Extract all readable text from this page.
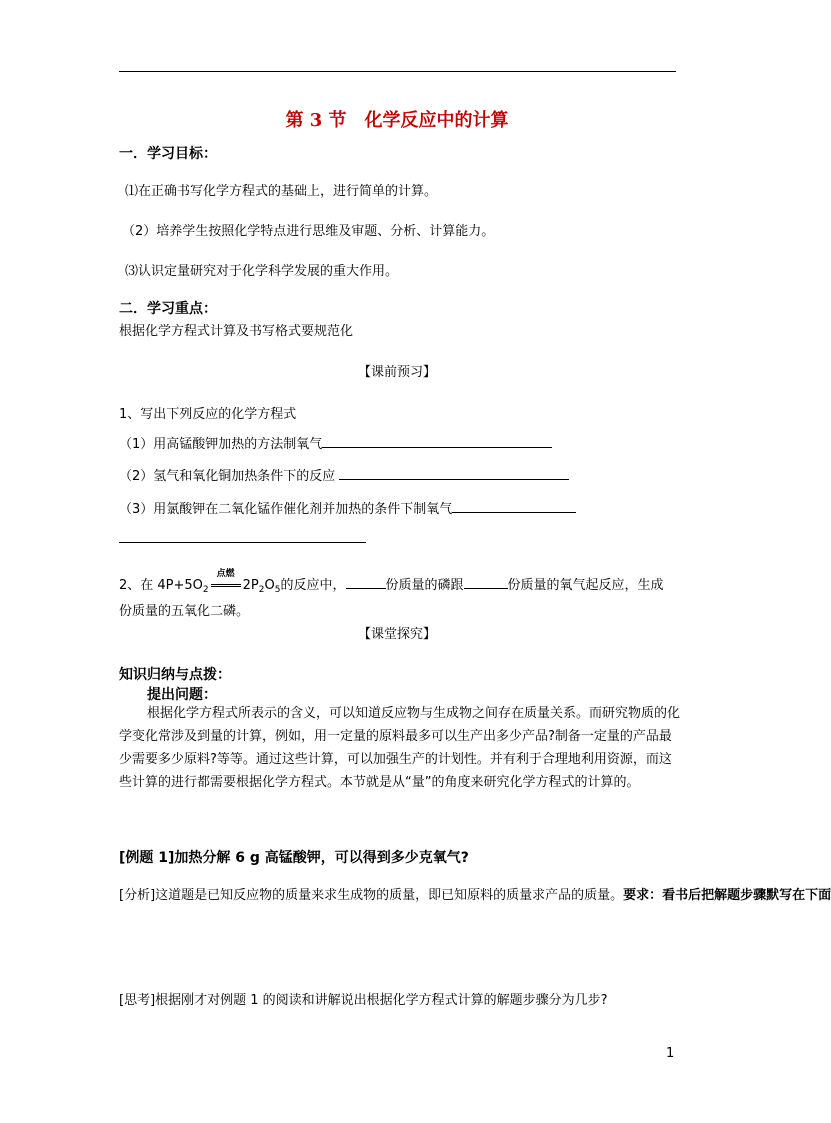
第 3 节　化学反应中的计算
一．学习目标：
⑴在正确书写化学方程式的基础上，进行简单的计算。
（2）培养学生按照化学特点进行思维及审题、分析、计算能力。
⑶认识定量研究对于化学科学发展的重大作用。
二．学习重点：
根据化学方程式计算及书写格式要规范化
【课前预习】
1、写出下列反应的化学方程式
（1）用高锰酸钾加热的方法制氧气
（2）氢气和氧化铜加热条件下的反应
（3）用氯酸钾在二氧化锰作催化剂并加热的条件下制氧气
2、在 $4P+5O_2$
点燃
$2P_2O_5$的反应中，	份质量的磷跟	份质量的氧气起反应，生成
份质量的五氧化二磷。
【课堂探究】
知识归纳与点拨：
提出问题：
根据化学方程式所表示的含义，可以知道反应物与生成物之间存在质量关系。而研究物质的化学变化常涉及到量的计算，例如，用一定量的原料最多可以生产出多少产品?制备一定量的产品最少需要多少原料?等等。通过这些计算，可以加强生产的计划性。并有利于合理地利用资源，而这些计算的进行都需要根据化学方程式。本节就是从“量”的角度来研究化学方程式的计算的。
[例题 1]加热分解 6 g 高锰酸钾，可以得到多少克氧气?
[分析]这道题是已知反应物的质量来求生成物的质量，即已知原料的质量求产品的质量。要求：看书后把解题步骤默写在下面
[思考]根据刚才对例题 1 的阅读和讲解说出根据化学方程式计算的解题步骤分为几步?
1
